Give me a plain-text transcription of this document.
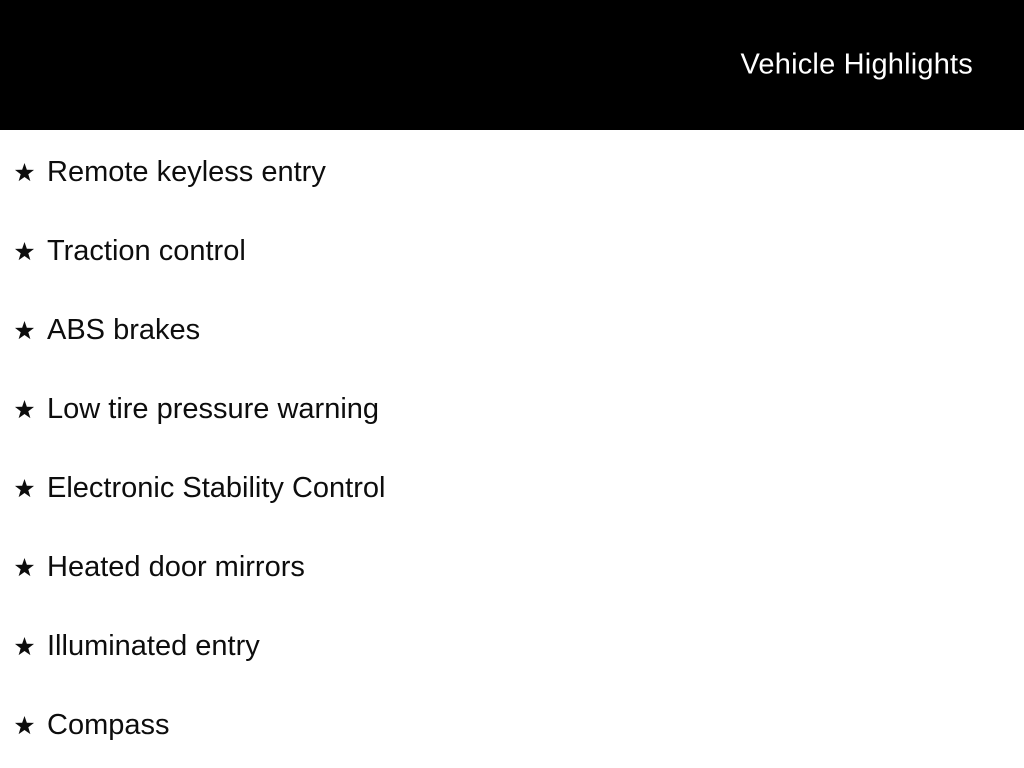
Vehicle Highlights
Remote keyless entry
Traction control
ABS brakes
Low tire pressure warning
Electronic Stability Control
Heated door mirrors
Illuminated entry
Compass
